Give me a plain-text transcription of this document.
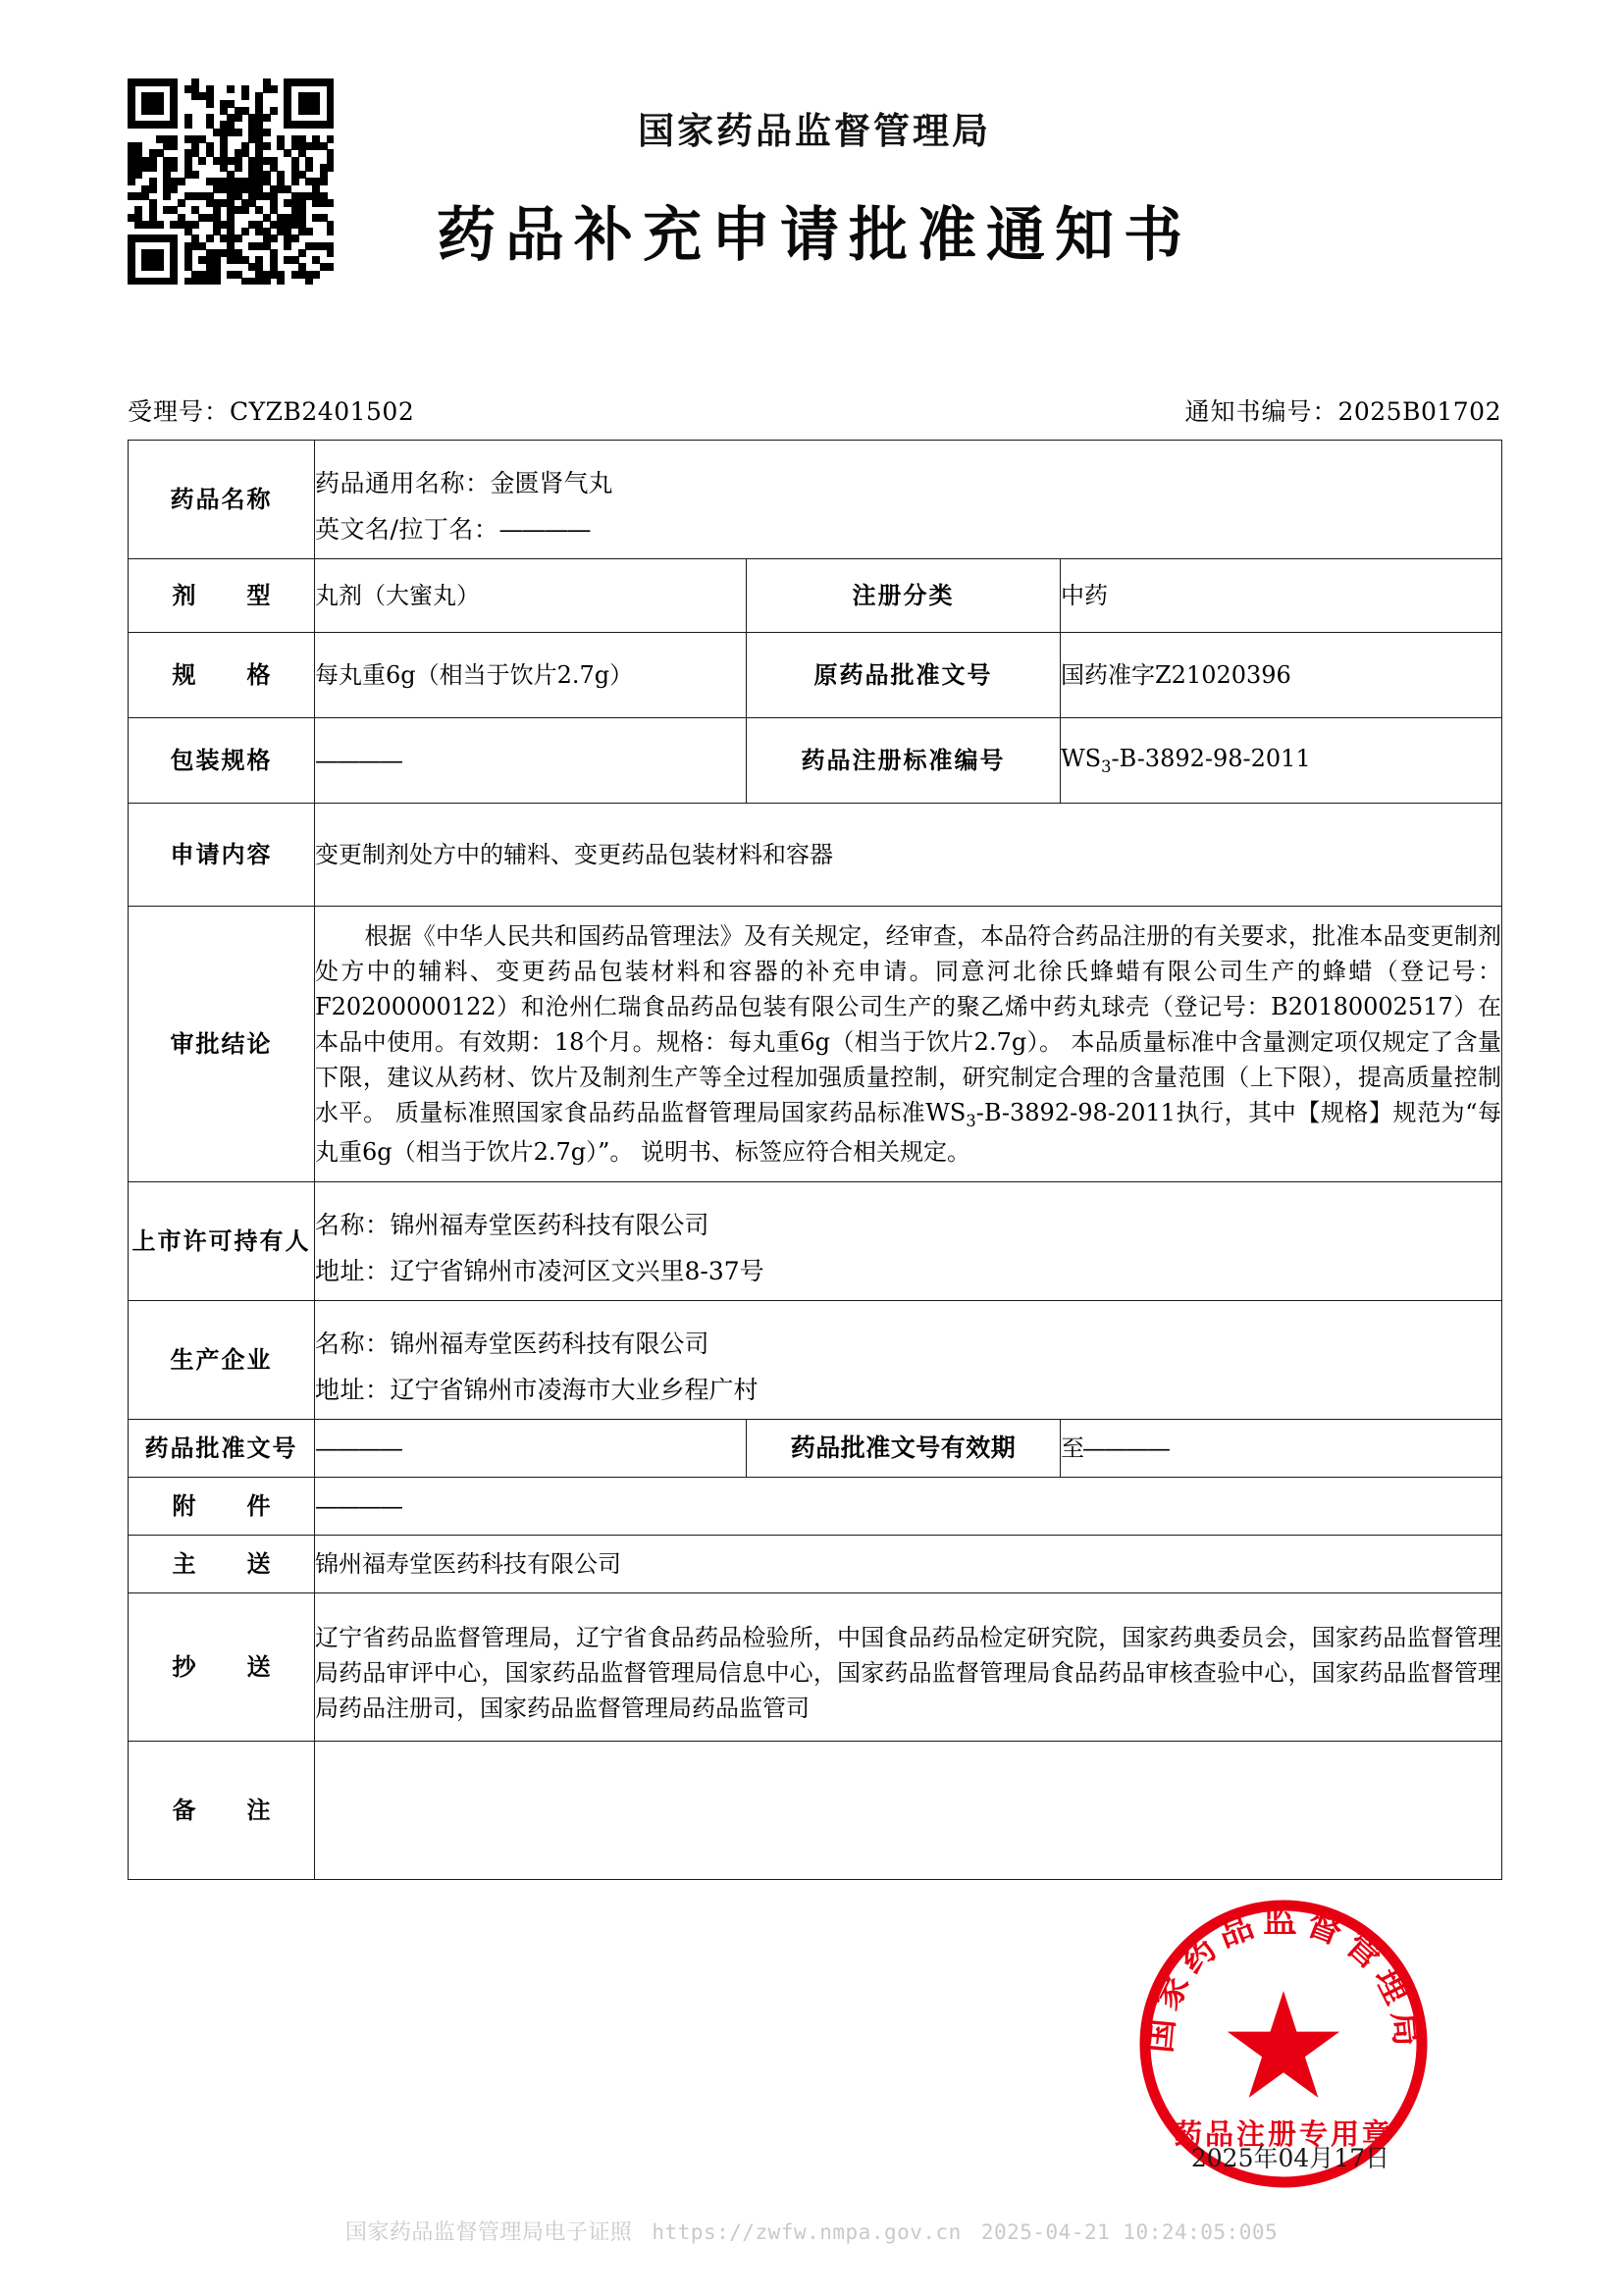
国家药品监督管理局
药品补充申请批准通知书
受理号：CYZB2401502	通知书编号：2025B01702
药品名称	药品通用名称：金匮肾气丸
英文名/拉丁名：————		

剂　型	丸剂（大蜜丸）	注册分类	中药
规　格	每丸重6g（相当于饮片2.7g）	原药品批准文号	国药准字Z21020396
包装规格	————	药品注册标准编号	$WS_3-B-3892-98-2011$
申请内容	变更制剂处方中的辅料、变更药品包装材料和容器		
审批结论	根据《中华人民共和国药品管理法》及有关规定，经审查，本品符合药品注册的有关要求，批准本品变更制剂处方中的辅料、变更药品包装材料和容器的补充申请。同意河北徐氏蜂蜡有限公司生产的蜂蜡（登记号：F20200000122）和沧州仁瑞食品药品包装有限公司生产的聚乙烯中药丸球壳（登记号：B20180002517）在本品中使用。有效期：18个月。规格：每丸重6g（相当于饮片2.7g）。 本品质量标准中含量测定项仅规定了含量下限，建议从药材、饮片及制剂生产等全过程加强质量控制，研究制定合理的含量范围（上下限），提高质量控制水平。 质量标准照国家食品药品监督管理局国家药品标准$WS_3-B-3892-98-2011$执行，其中【规格】规范为“每丸重6g（相当于饮片2.7g）”。 说明书、标签应符合相关规定。		
上市许可持有人	名称：锦州福寿堂医药科技有限公司
地址：辽宁省锦州市凌河区文兴里8-37号		

生产企业	名称：锦州福寿堂医药科技有限公司
地址：辽宁省锦州市凌海市大业乡程广村		

药品批准文号	————	药品批准文号有效期	至————
附　件	————		
主　送	锦州福寿堂医药科技有限公司		
抄　送	辽宁省药品监督管理局，辽宁省食品药品检验所，中国食品药品检定研究院，国家药典委员会，国家药品监督管理局药品审评中心，国家药品监督管理局信息中心，国家药品监督管理局食品药品审核查验中心，国家药品监督管理局药品注册司，国家药品监督管理局药品监管司		
备　注			
国家药品监督管理局
药品注册专用章
2025年04月17日
国家药品监督管理局电子证照 https://zwfw.nmpa.gov.cn 2025-04-21 10:24:05:005
